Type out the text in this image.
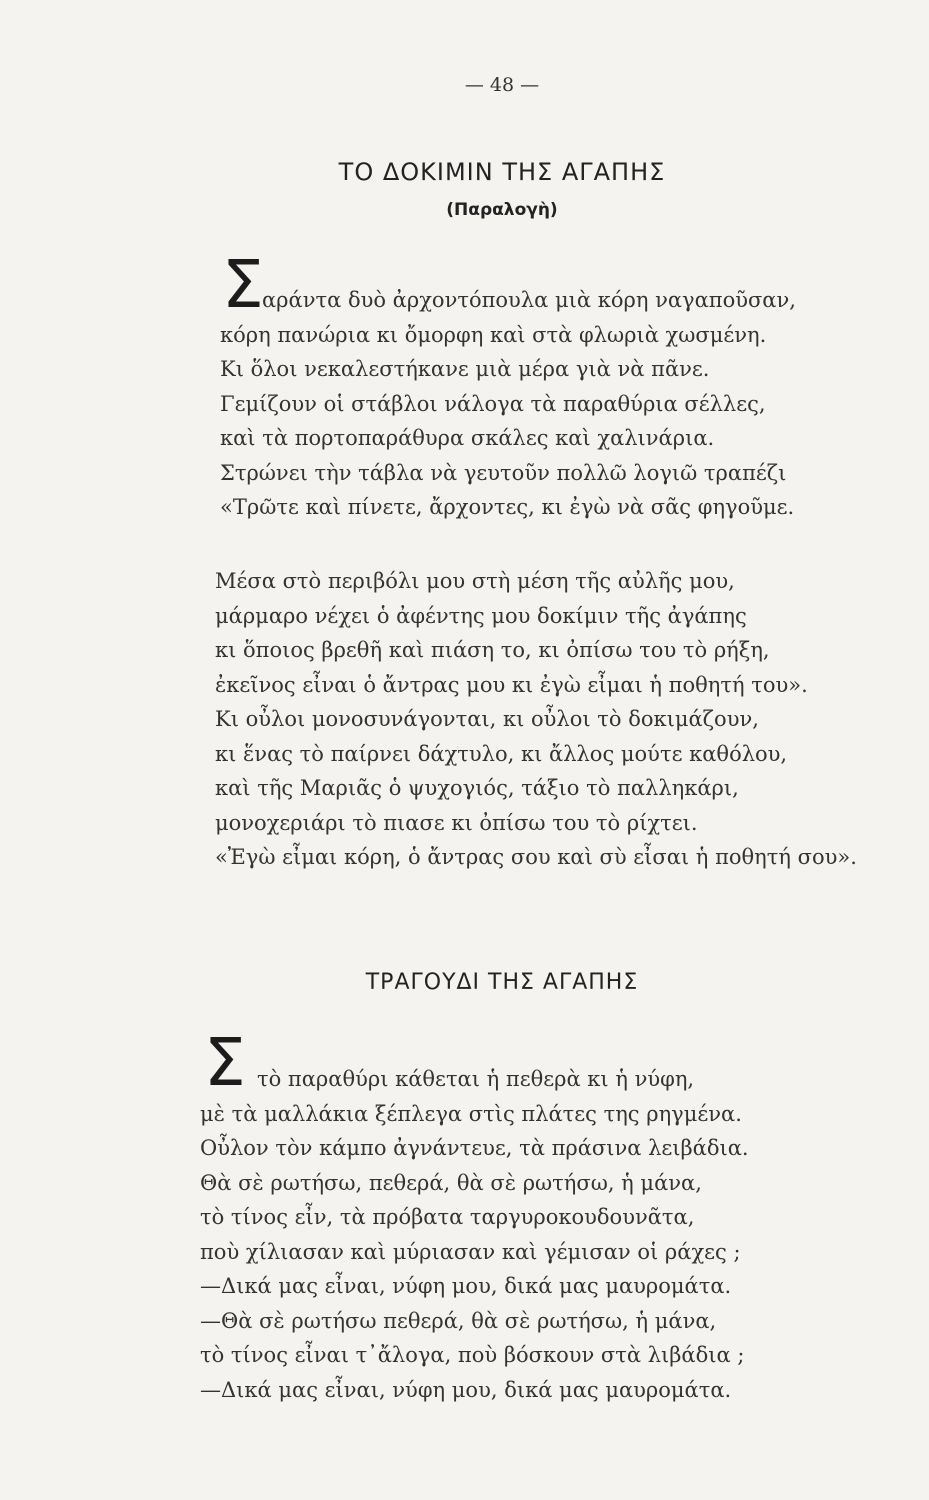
— 48 —
ΤΟ ΔΟΚΙΜΙΝ ΤΗΣ ΑΓΑΠΗΣ
(Παραλογὴ)
Σ
αράντα δυὸ ἀρχοντόπουλα μιὰ κόρη ναγαποῦσαν,
κόρη πανώρια κι ὄμορφη καὶ στὰ φλωριὰ χωσμένη.
Κι ὅλοι νεκαλεστήκανε μιὰ μέρα γιὰ νὰ πᾶνε.
Γεμίζουν οἱ στάβλοι νάλογα τὰ παραθύρια σέλλες,
καὶ τὰ πορτοπαράθυρα σκάλες καὶ χαλινάρια.
Στρώνει τὴν τάβλα νὰ γευτοῦν πολλῶ λογιῶ τραπέζι
«Τρῶτε καὶ πίνετε, ἄρχοντες, κι ἐγὼ νὰ σᾶς φηγοῦμε.
Μέσα στὸ περιβόλι μου στὴ μέση τῆς αὐλῆς μου,
μάρμαρο νέχει ὁ ἀφέντης μου δοκίμιν τῆς ἀγάπης
κι ὅποιος βρεθῆ καὶ πιάση το, κι ὀπίσω του τὸ ρήξη,
ἐκεῖνος εἶναι ὁ ἄντρας μου κι ἐγὼ εἶμαι ἡ ποθητή του».
Κι οὖλοι μονοσυνάγονται, κι οὖλοι τὸ δοκιμάζουν,
κι ἕνας τὸ παίρνει δάχτυλο, κι ἄλλος μούτε καθόλου,
καὶ τῆς Μαριᾶς ὁ ψυχογιός, τάξιο τὸ παλληκάρι,
μονοχεριάρι τὸ πιασε κι ὀπίσω του τὸ ρίχτει.
«Ἐγὼ εἶμαι κόρη, ὁ ἄντρας σου καὶ σὺ εἶσαι ἡ ποθητή σου».
ΤΡΑΓΟΥΔΙ ΤΗΣ ΑΓΑΠΗΣ
Σ τὸ παραθύρι κάθεται ἡ πεθερὰ κι ἡ νύφη,
μὲ τὰ μαλλάκια ξέπλεγα στὶς πλάτες της ρηγμένα.
Οὖλον τὸν κάμπο ἀγνάντευε, τὰ πράσινα λειβάδια.
Θὰ σὲ ρωτήσω, πεθερά, θὰ σὲ ρωτήσω, ἡ μάνα,
τὸ τίνος εἶν, τὰ πρόβατα ταργυροκουδουνᾶτα,
ποὺ χίλιασαν καὶ μύριασαν καὶ γέμισαν οἱ ράχες ;
—Δικά μας εἶναι, νύφη μου, δικά μας μαυρομάτα.
—Θὰ σὲ ρωτήσω πεθερά, θὰ σὲ ρωτήσω, ἡ μάνα,
τὸ τίνος εἶναι τ᾽ἄλογα, ποὺ βόσκουν στὰ λιβάδια ;
—Δικά μας εἶναι, νύφη μου, δικά μας μαυρομάτα.
